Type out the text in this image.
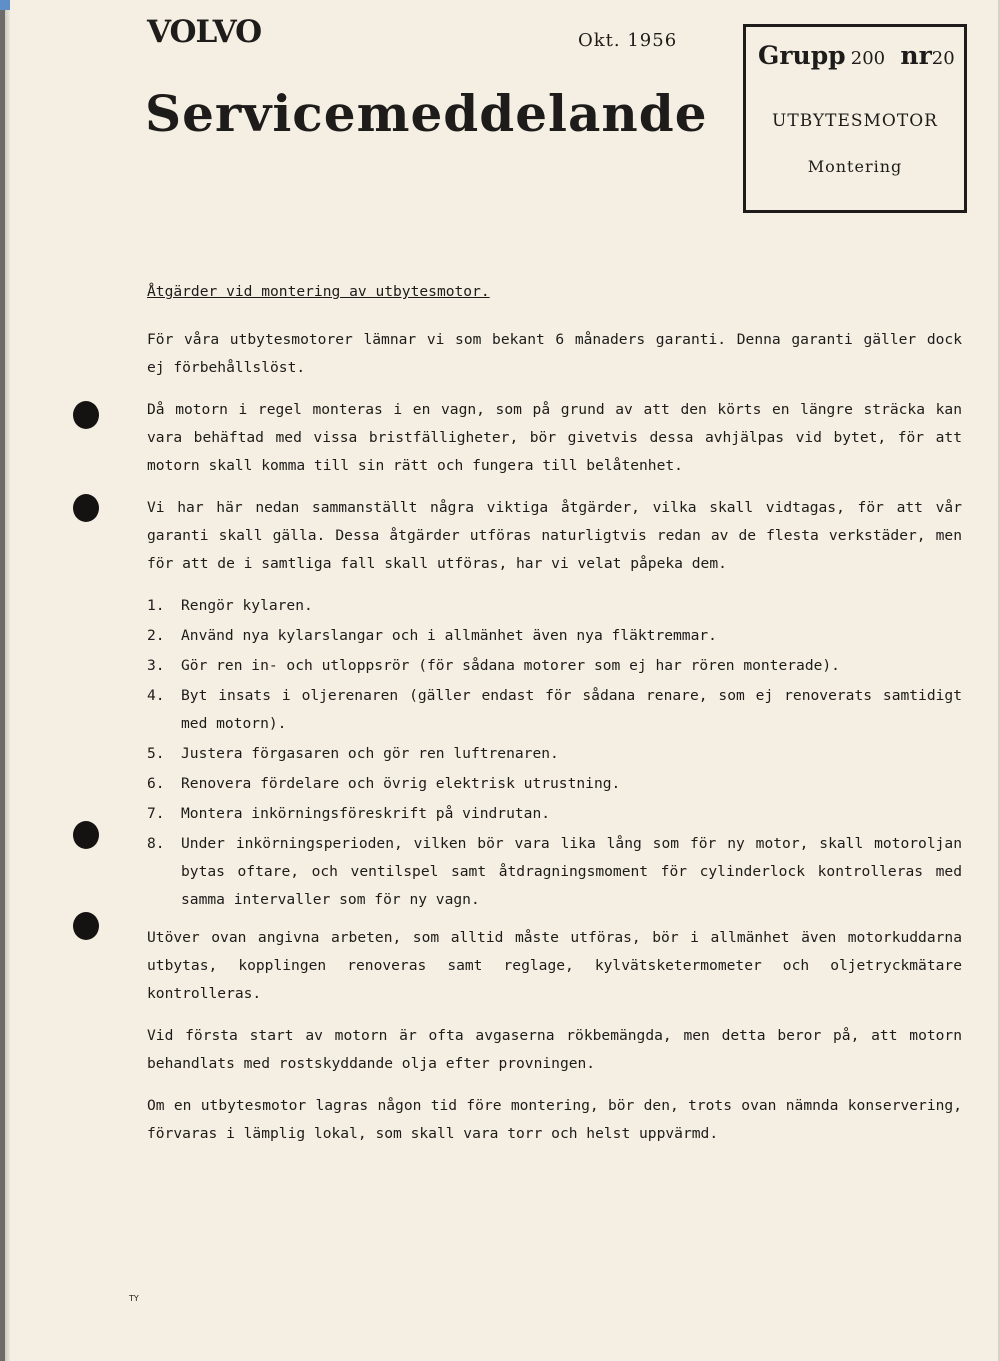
VOLVO	Okt. 1956
Servicemeddelande
Grupp 200 nr20
UTBYTESMOTOR
Montering

Åtgärder vid montering av utbytesmotor.

För våra utbytesmotorer lämnar vi som bekant 6 månaders garanti. Denna garanti gäller dock ej förbehållslöst.

Då motorn i regel monteras i en vagn, som på grund av att den körts en längre sträcka kan vara behäftad med vissa bristfälligheter, bör givetvis dessa avhjälpas vid bytet, för att motorn skall komma till sin rätt och fungera till belåtenhet.

Vi har här nedan sammanställt några viktiga åtgärder, vilka skall vidtagas, för att vår garanti skall gälla. Dessa åtgärder utföras naturligtvis redan av de flesta verkstäder, men för att de i samtliga fall skall utföras, har vi velat påpeka dem.

1.	Rengör kylaren.
2.	Använd nya kylarslangar och i allmänhet även nya fläktremmar.
3.	Gör ren in- och utloppsrör (för sådana motorer som ej har rören monterade).
4.	Byt insats i oljerenaren (gäller endast för sådana renare, som ej renoverats samtidigt med motorn).
5.	Justera förgasaren och gör ren luftrenaren.
6.	Renovera fördelare och övrig elektrisk utrustning.
7.	Montera inkörningsföreskrift på vindrutan.
8.	Under inkörningsperioden, vilken bör vara lika lång som för ny motor, skall motoroljan bytas oftare, och ventilspel samt åtdragningsmoment för cylinderlock kontrolleras med samma intervaller som för ny vagn.

Utöver ovan angivna arbeten, som alltid måste utföras, bör i allmänhet även motorkuddarna utbytas, kopplingen renoveras samt reglage, kylvätsketermometer och oljetryckmätare kontrolleras.

Vid första start av motorn är ofta avgaserna rökbemängda, men detta beror på, att motorn behandlats med rostskyddande olja efter provningen.

Om en utbytesmotor lagras någon tid före montering, bör den, trots ovan nämnda konservering, förvaras i lämplig lokal, som skall vara torr och helst uppvärmd.

TY
